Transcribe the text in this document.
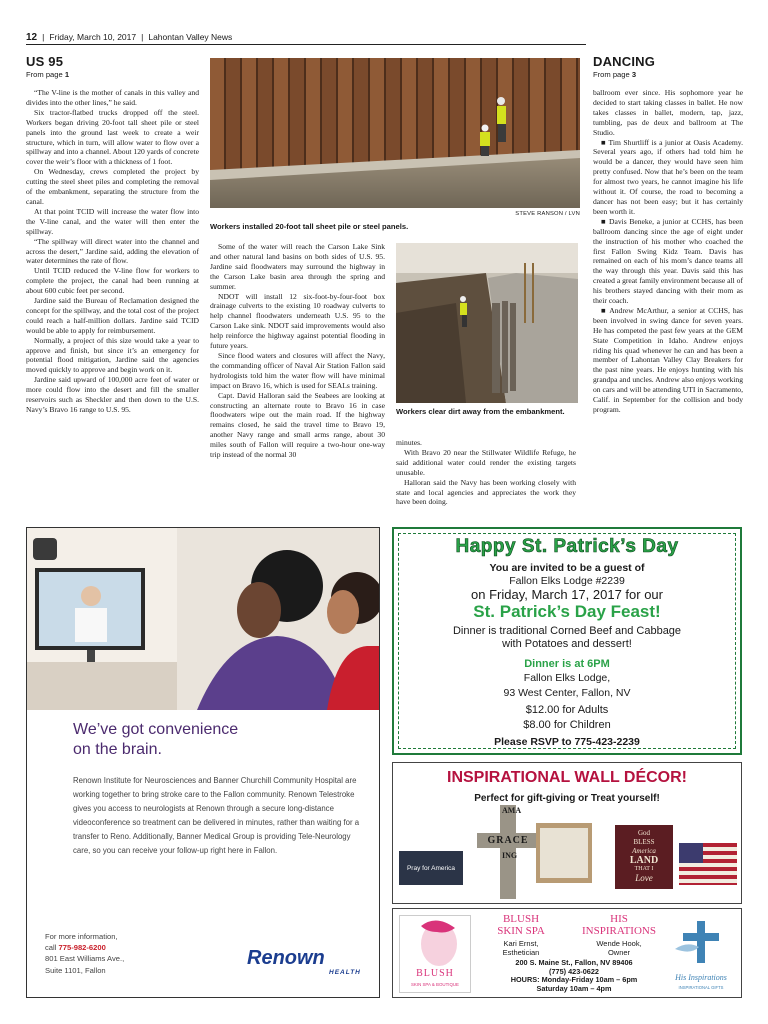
12 | Friday, March 10, 2017 | Lahontan Valley News
US 95
From page 1

“The V-line is the mother of canals in this valley and divides into the other lines,” he said.

Six tractor-flatbed trucks dropped off the steel. Workers began driving 20-foot tall sheet pile or steel panels into the ground last week to create a weir structure, which in turn, will allow water to flow over a spillway and into a channel. About 120 yards of concrete cover the weir’s floor with a thickness of 1 foot.

On Wednesday, crews completed the project by cutting the steel sheet piles and completing the removal of the embankment, separating the structure from the canal.

At that point TCID will increase the water flow into the V-line canal, and the water will then enter the spillway.

“The spillway will direct water into the channel and across the desert,” Jardine said, adding the elevation of water determines the rate of flow.

Until TCID reduced the V-line flow for workers to complete the project, the canal had been running at about 600 cubic feet per second.

Jardine said the Bureau of Reclamation designed the concept for the spillway, and the total cost of the project could reach a half-million dollars. Jardine said TCID would be able to apply for reimbursement.

Normally, a project of this size would take a year to approve and finish, but since it’s an emergency for potential flood mitigation, Jardine said the agencies moved quickly to approve and begin work on it.

Jardine said upward of 100,000 acre feet of water or more could flow into the desert and fill the smaller reservoirs such as Sheckler and then down to the U.S. Navy’s Bravo 16 range to U.S. 95.

STEVE RANSON / LVN
Workers installed 20-foot tall sheet pile or steel panels.

Some of the water will reach the Carson Lake Sink and other natural land basins on both sides of U.S. 95. Jardine said floodwaters may surround the highway in the Carson Lake basin area through the spring and summer.

NDOT will install 12 six-foot-by-four-foot box drainage culverts to the existing 10 roadway culverts to help channel floodwaters underneath U.S. 95 to the Carson Lake sink. NDOT said improvements would also help reinforce the highway against potential flooding in future years.

Since flood waters and closures will affect the Navy, the commanding officer of Naval Air Station Fallon said hydrologists told him the water flow will have minimal impact on Bravo 16, which is used for SEALs training.

Capt. David Halloran said the Seabees are looking at constructing an alternate route to Bravo 16 in case floodwaters wipe out the main road. If the highway remains closed, he said the travel time to Bravo 19, another Navy range and small arms range, about 30 miles south of Fallon will require a two-hour one-way trip instead of the normal 30

Workers clear dirt away from the embankment.

minutes.

With Bravo 20 near the Stillwater Wildlife Refuge, he said additional water could render the existing targets unusable.

Halloran said the Navy has been working closely with state and local agencies and appreciates the work they have been doing.

DANCING
From page 3

ballroom ever since. His sophomore year he decided to start taking classes in ballet. He now takes classes in ballet, modern, tap, jazz, tumbling, pas de deux and ballroom at The Studio.

■ Tim Shurtliff is a junior at Oasis Academy. Several years ago, if others had told him he would be a dancer, they would have seen him pretty confused. Now that he’s been on the team for almost two years, he cannot imagine his life without it. Of course, the road to becoming a dancer has not been easy; but it has certainly been worth it.

■ Davis Beneke, a junior at CCHS, has been ballroom dancing since the age of eight under the instruction of his mother who coached the first Fallon Swing Kidz Team. Davis has remained on each of his mom’s dance teams all the way through this year. Davis said this has created a great family environment because all of his brothers stayed dancing with their mom as their coach.

■ Andrew McArthur, a senior at CCHS, has been involved in swing dance for seven years. He has competed the past few years at the GEM State Competition in Idaho. Andrew enjoys riding his quad whenever he can and has been a member of Lahontan Valley Clay Breakers for the past nine years. He enjoys hunting with his grandpa and uncles. Andrew also enjoys working on cars and will be attending UTI in Sacramento, Calif. in September for the collision and body program.

We’ve got convenience
on the brain.
Renown Institute for Neurosciences and Banner Churchill Community Hospital are working together to bring stroke care to the Fallon community. Renown Telestroke gives you access to neurologists at Renown through a secure long-distance videoconference so treatment can be delivered in minutes, rather than waiting for a transfer to Reno. Additionally, Banner Medical Group is providing Tele-Neurology care, so you can receive your follow-up right here in Fallon.
For more information,
call 775-982-6200
801 East Williams Ave.,
Suite 1101, Fallon
Renown
HEALTH
Happy St. Patrick’s Day
You are invited to be a guest of
Fallon Elks Lodge #2239
on Friday, March 17, 2017 for our
St. Patrick’s Day Feast!
Dinner is traditional Corned Beef and Cabbage
with Potatoes and dessert!
Dinner is at 6PM
Fallon Elks Lodge,
93 West Center, Fallon, NV
$12.00 for Adults
$8.00 for Children
Please RSVP to 775-423-2239
INSPIRATIONAL WALL DÉCOR!
Perfect for gift-giving or Treat yourself!
Pray for America
AMA
GRACE
ING
God
BLESS
America
LAND
THAT I
Love
BLUSH
SKIN SPA & BOUTIQUE
BLUSH
SKIN SPA
Kari Ernst,
Esthetician
HIS
INSPIRATIONS
Wende Hook,
Owner
200 S. Maine St., Fallon, NV 89406
(775) 423-0622
HOURS: Monday-Friday 10am – 6pm
Saturday 10am – 4pm
His Inspirations
INSPIRATIONAL GIFTS
